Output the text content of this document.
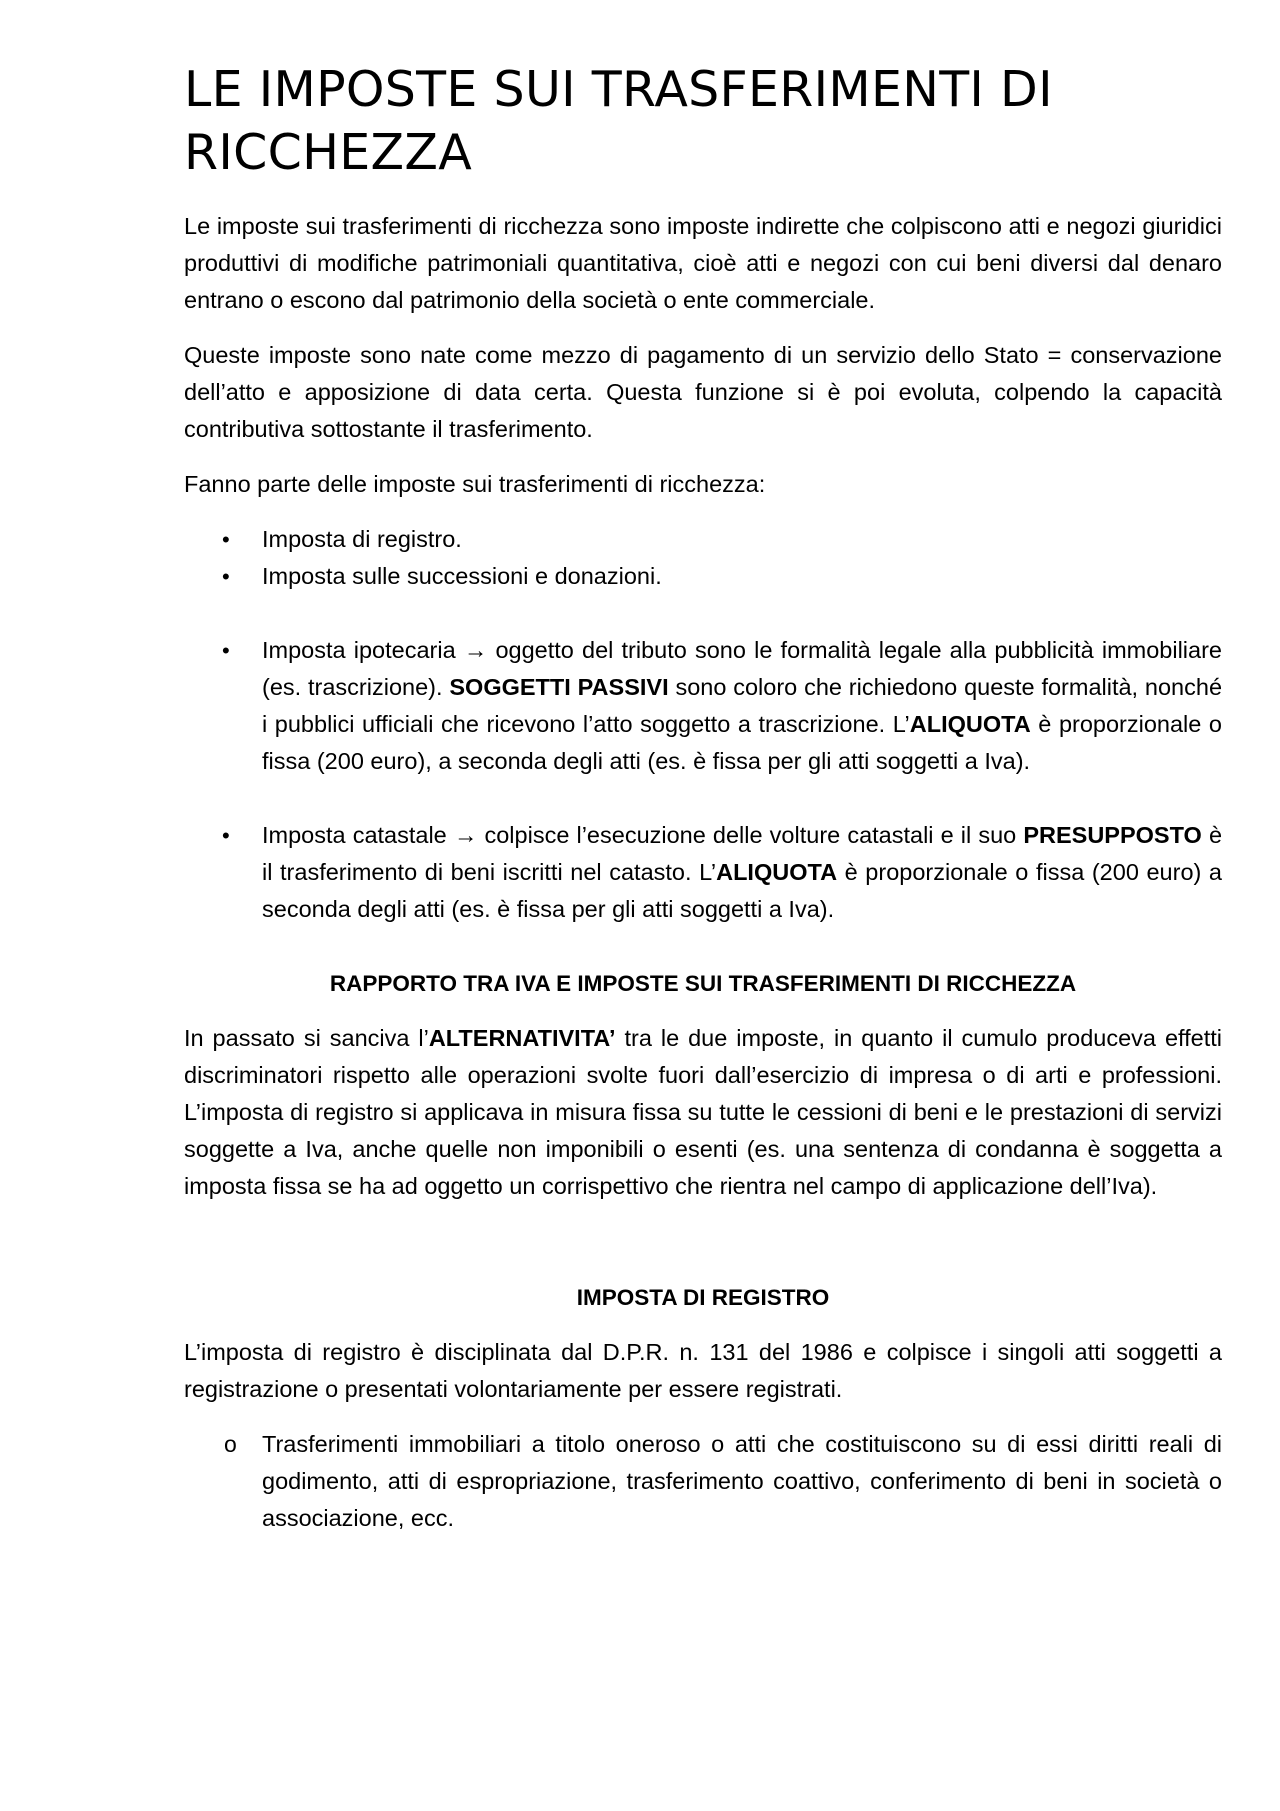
LE IMPOSTE SUI TRASFERIMENTI DI RICCHEZZA

Le imposte sui trasferimenti di ricchezza sono imposte indirette che colpiscono atti e negozi giuridici produttivi di modifiche patrimoniali quantitativa, cioè atti e negozi con cui beni diversi dal denaro entrano o escono dal patrimonio della società o ente commerciale.

Queste imposte sono nate come mezzo di pagamento di un servizio dello Stato = conservazione dell’atto e apposizione di data certa. Questa funzione si è poi evoluta, colpendo la capacità contributiva sottostante il trasferimento.

Fanno parte delle imposte sui trasferimenti di ricchezza:

• Imposta di registro.
• Imposta sulle successioni e donazioni.
• Imposta ipotecaria → oggetto del tributo sono le formalità legale alla pubblicità immobiliare (es. trascrizione). SOGGETTI PASSIVI sono coloro che richiedono queste formalità, nonché i pubblici ufficiali che ricevono l’atto soggetto a trascrizione. L’ALIQUOTA è proporzionale o fissa (200 euro), a seconda degli atti (es. è fissa per gli atti soggetti a Iva).
• Imposta catastale → colpisce l’esecuzione delle volture catastali e il suo PRESUPPOSTO è il trasferimento di beni iscritti nel catasto. L’ALIQUOTA è proporzionale o fissa (200 euro) a seconda degli atti (es. è fissa per gli atti soggetti a Iva).
RAPPORTO TRA IVA E IMPOSTE SUI TRASFERIMENTI DI RICCHEZZA

In passato si sanciva l’ALTERNATIVITA’ tra le due imposte, in quanto il cumulo produceva effetti discriminatori rispetto alle operazioni svolte fuori dall’esercizio di impresa o di arti e professioni. L’imposta di registro si applicava in misura fissa su tutte le cessioni di beni e le prestazioni di servizi soggette a Iva, anche quelle non imponibili o esenti (es. una sentenza di condanna è soggetta a imposta fissa se ha ad oggetto un corrispettivo che rientra nel campo di applicazione dell’Iva).

IMPOSTA DI REGISTRO

L’imposta di registro è disciplinata dal D.P.R. n. 131 del 1986 e colpisce i singoli atti soggetti a registrazione o presentati volontariamente per essere registrati.

o Trasferimenti immobiliari a titolo oneroso o atti che costituiscono su di essi diritti reali di godimento, atti di espropriazione, trasferimento coattivo, conferimento di beni in società o associazione, ecc.
